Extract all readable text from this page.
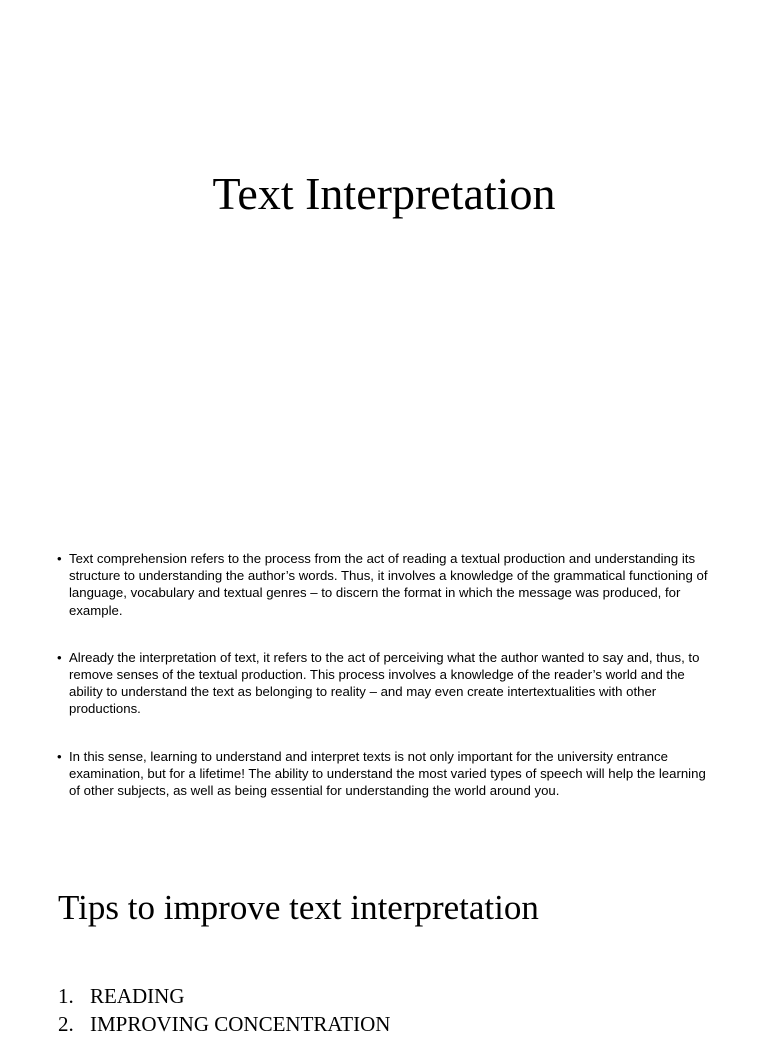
Text Interpretation
• Text comprehension refers to the process from the act of reading a textual production and understanding its structure to understanding the author’s words. Thus, it involves a knowledge of the grammatical functioning of language, vocabulary and textual genres – to discern the format in which the message was produced, for example.
• Already the interpretation of text, it refers to the act of perceiving what the author wanted to say and, thus, to remove senses of the textual production. This process involves a knowledge of the reader’s world and the ability to understand the text as belonging to reality – and may even create intertextualities with other productions.
• In this sense, learning to understand and interpret texts is not only important for the university entrance examination, but for a lifetime! The ability to understand the most varied types of speech will help the learning of other subjects, as well as being essential for understanding the world around you.
Tips to improve text interpretation
1. READING
2. IMPROVING CONCENTRATION
